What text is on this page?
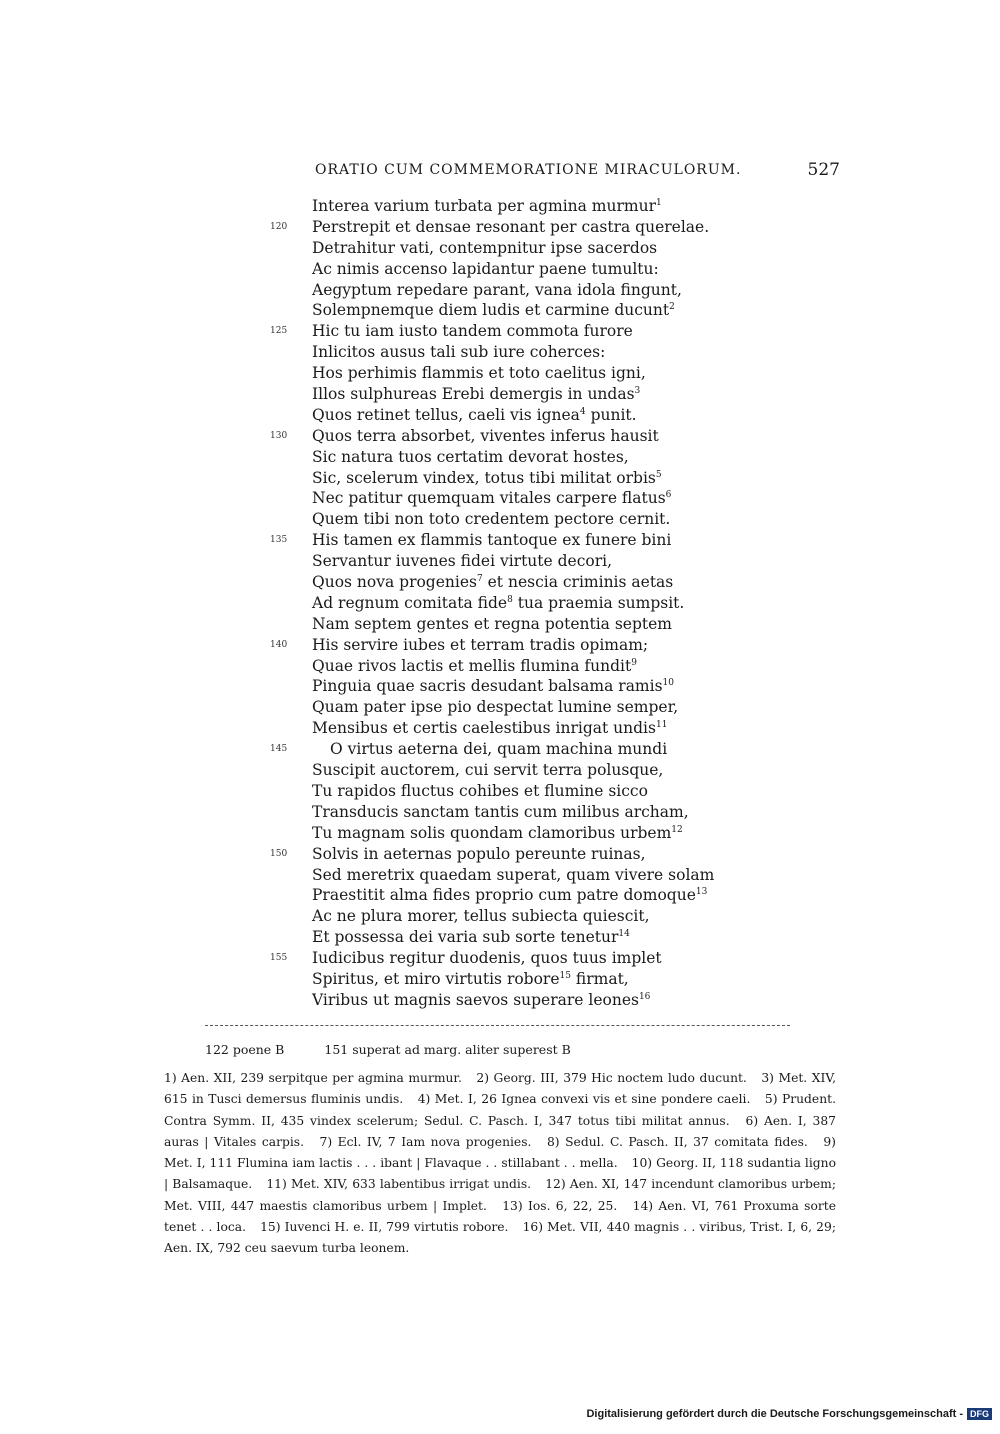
ORATIO CUM COMMEMORATIONE MIRACULORUM.	527
Interea varium turbata per agmina murmur$^1$
120 Perstrepit et densae resonant per castra querelae.
Detrahitur vati, contempnitur ipse sacerdos
Ac nimis accenso lapidantur paene tumultu:
Aegyptum repedare parant, vana idola fingunt,
Solempnemque diem ludis et carmine ducunt$^2$
125 Hic tu iam iusto tandem commota furore
Inlicitos ausus tali sub iure coherces:
Hos perhimis flammis et toto caelitus igni,
Illos sulphureas Erebi demergis in undas$^3$
Quos retinet tellus, caeli vis ignea$^4$ punit.
130 Quos terra absorbet, viventes inferus hausit
Sic natura tuos certatim devorat hostes,
Sic, scelerum vindex, totus tibi militat orbis$^5$
Nec patitur quemquam vitales carpere flatus$^6$
Quem tibi non toto credentem pectore cernit.
135 His tamen ex flammis tantoque ex funere bini
Servantur iuvenes fidei virtute decori,
Quos nova progenies$^7$ et nescia criminis aetas
Ad regnum comitata fide$^8$ tua praemia sumpsit.
Nam septem gentes et regna potentia septem
140 His servire iubes et terram tradis opimam;
Quae rivos lactis et mellis flumina fundit$^9$
Pinguia quae sacris desudant balsama ramis$^{10}$
Quam pater ipse pio despectat lumine semper,
Mensibus et certis caelestibus inrigat undis$^{11}$
145	O virtus aeterna dei, quam machina mundi
Suscipit auctorem, cui servit terra polusque,
Tu rapidos fluctus cohibes et flumine sicco
Transducis sanctam tantis cum milibus archam,
Tu magnam solis quondam clamoribus urbem$^{12}$
150 Solvis in aeternas populo pereunte ruinas,
Sed meretrix quaedam superat, quam vivere solam
Praestitit alma fides proprio cum patre domoque$^{13}$
Ac ne plura morer, tellus subiecta quiescit,
Et possessa dei varia sub sorte tenetur$^{14}$
155 Iudicibus regitur duodenis, quos tuus implet
Spiritus, et miro virtutis robore$^{15}$ firmat,
Viribus ut magnis saevos superare leones$^{16}$
122 poene B	151 superat ad marg. aliter superest B
1) Aen. XII, 239 serpitque per agmina murmur. 2) Georg. III, 379 Hic noctem ludo ducunt. 3) Met. XIV, 615 in Tusci demersus fluminis undis. 4) Met. I, 26 Ignea convexi vis et sine pondere caeli. 5) Prudent. Contra Symm. II, 435 vindex scelerum; Sedul. C. Pasch. I, 347 totus tibi militat annus. 6) Aen. I, 387 auras | Vitales carpis. 7) Ecl. IV, 7 Iam nova progenies. 8) Sedul. C. Pasch. II, 37 comitata fides. 9) Met. I, 111 Flumina iam lactis . . . ibant | Flavaque . . stillabant . . mella. 10) Georg. II, 118 sudantia ligno | Balsamaque. 11) Met. XIV, 633 labentibus irrigat undis. 12) Aen. XI, 147 incendunt clamoribus urbem; Met. VIII, 447 maestis clamoribus urbem | Implet. 13) Ios. 6, 22, 25. 14) Aen. VI, 761 Proxuma sorte tenet . . loca. 15) Iuvenci H. e. II, 799 virtutis robore. 16) Met. VII, 440 magnis . . viribus, Trist. I, 6, 29; Aen. IX, 792 ceu saevum turba leonem.
Digitalisierung gefördert durch die Deutsche Forschungsgemeinschaft - DFG
